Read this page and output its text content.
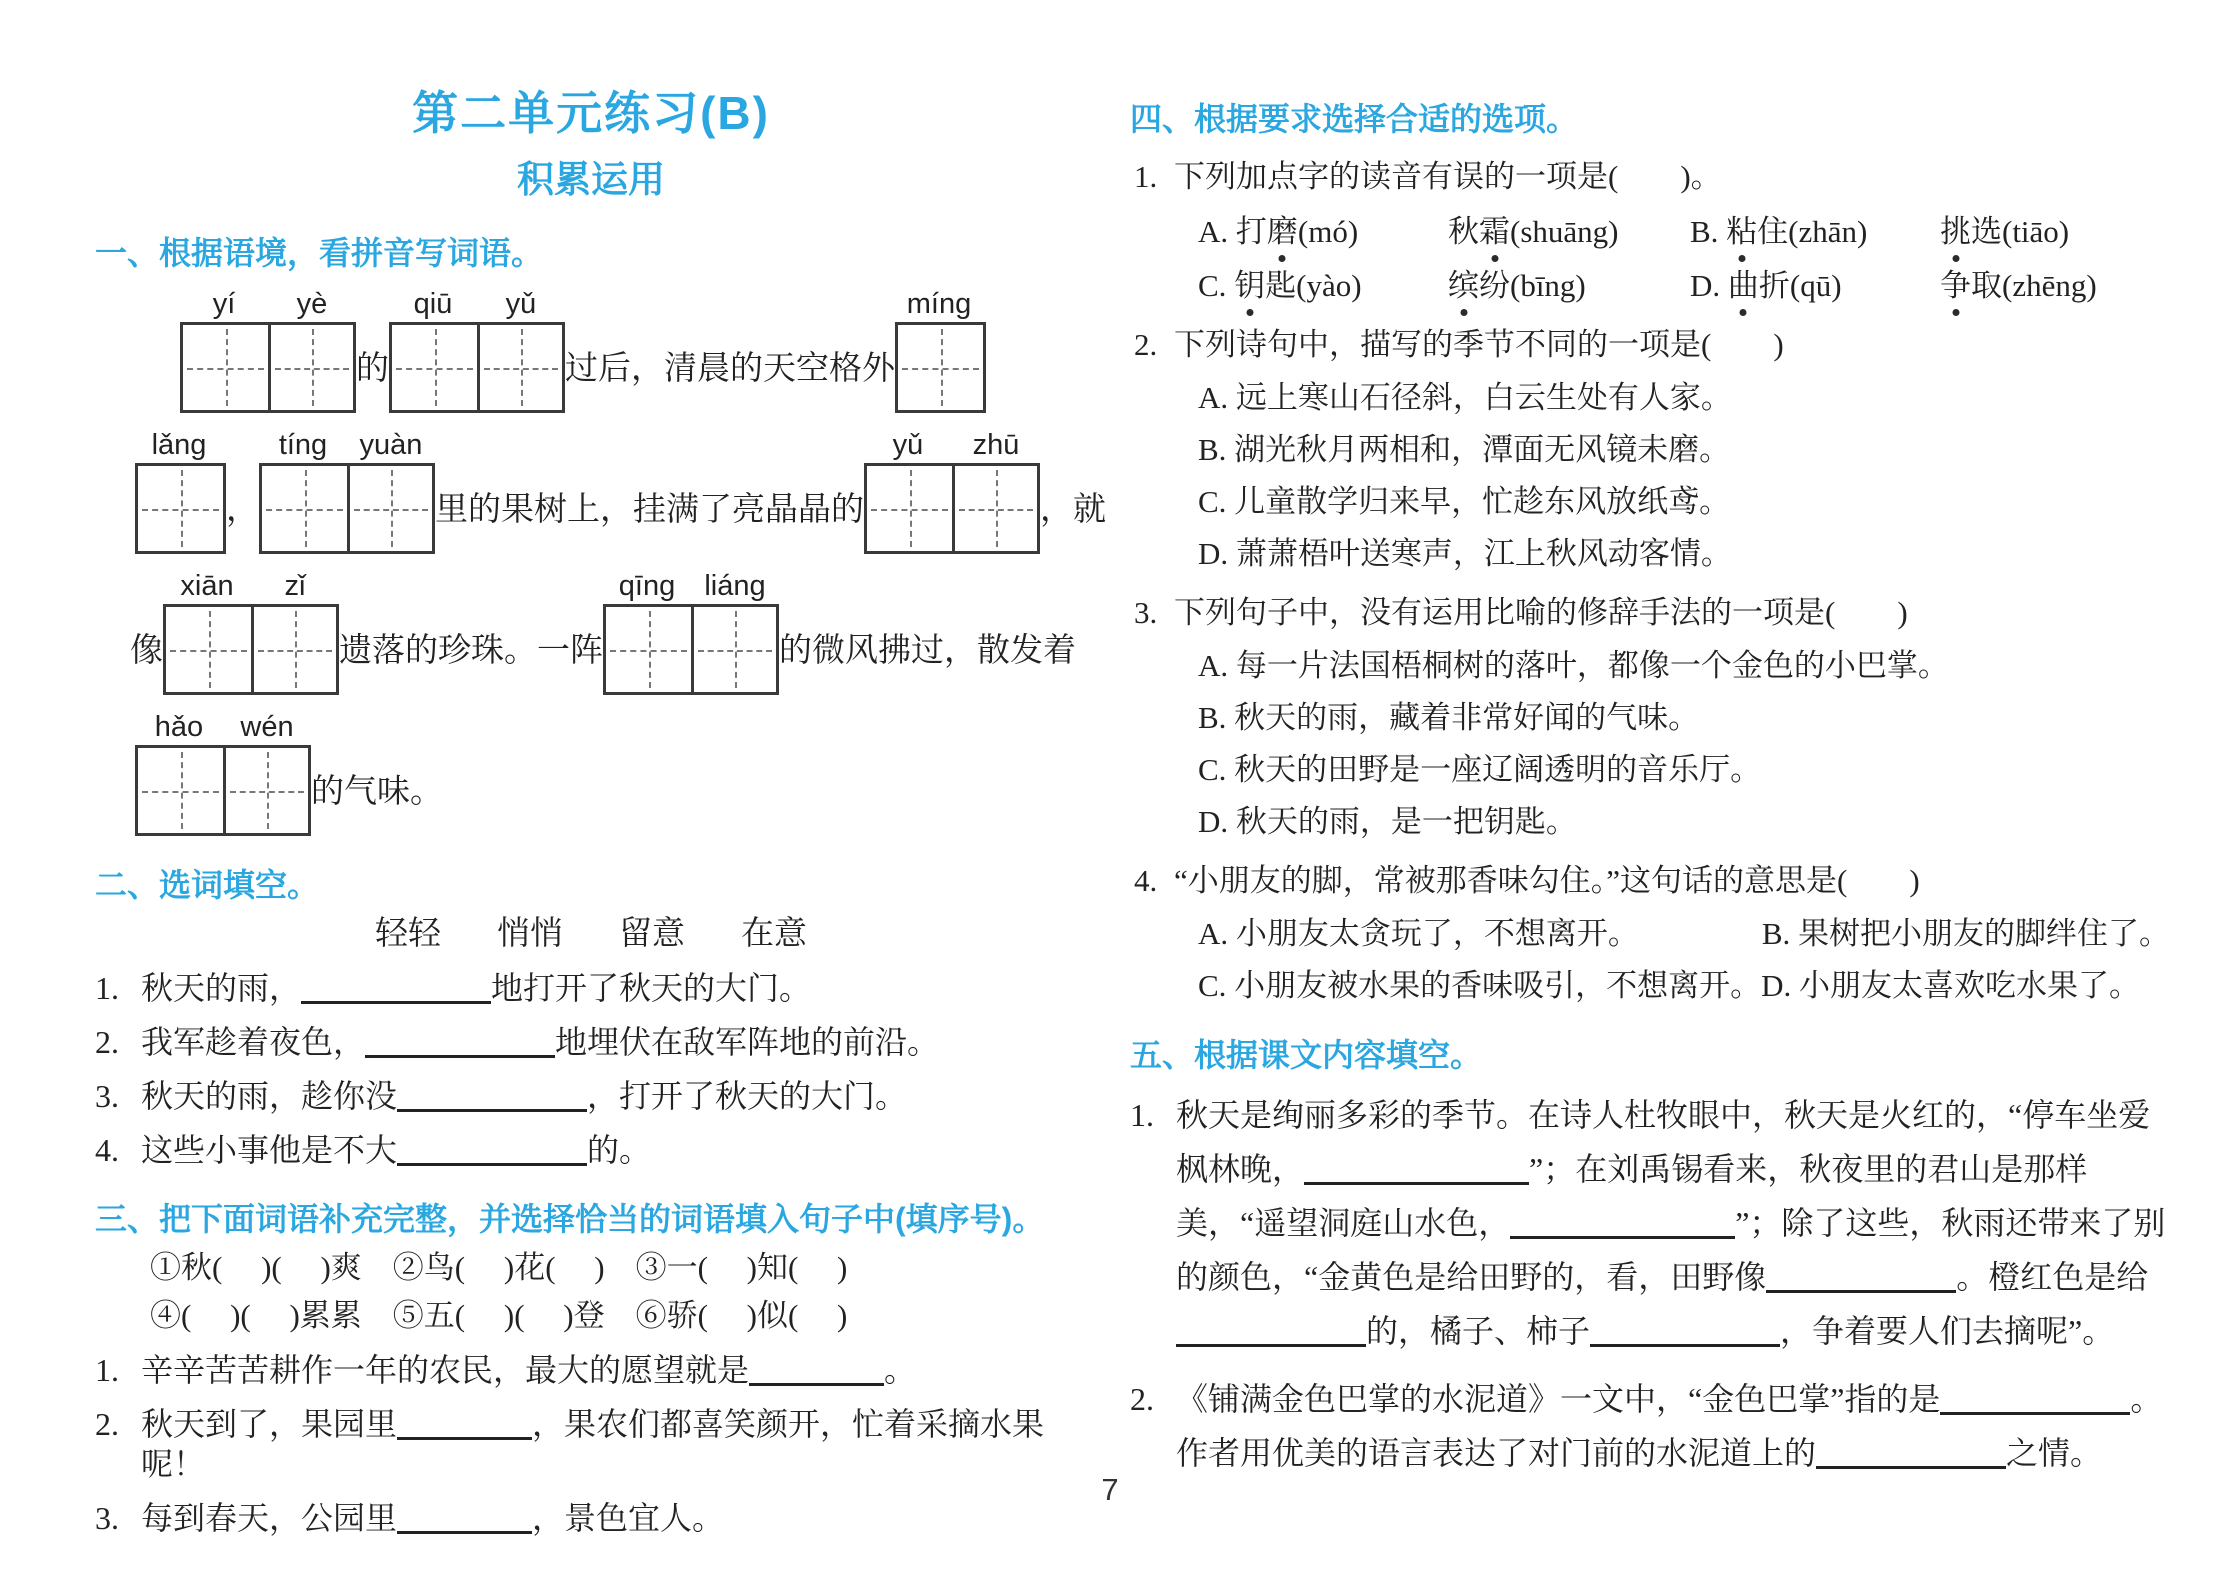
第二单元练习(B)
积累运用
一、根据语境，看拼音写词语。
yí	yè
的
qiū	yǔ
过后，清晨的天空格外
míng
lǎng
，
tíng	yuàn
里的果树上，挂满了亮晶晶的
yǔ	zhū
，就
像
xiān	zǐ
遗落的珍珠。一阵
qīng	liáng
的微风拂过，散发着
hǎo	wén
的气味。
二、选词填空。
轻轻 悄悄 留意 在意
1. 秋天的雨，	地打开了秋天的大门。
2. 我军趁着夜色，	地埋伏在敌军阵地的前沿。
3. 秋天的雨，趁你没	，打开了秋天的大门。
4. 这些小事他是不大	的。
三、把下面词语补充完整，并选择恰当的词语填入句子中(填序号)。
①秋(　 )(　 )爽　②鸟(　 )花(　 )　③一(　 )知(　 )
④(　 )(　 )累累　⑤五(　 )(　 )登　⑥骄(　 )似(　 )
1. 辛辛苦苦耕作一年的农民，最大的愿望就是	。
2. 秋天到了，果园里	，果农们都喜笑颜开，忙着采摘水果呢！
3. 每到春天，公园里	，景色宜人。
四、根据要求选择合适的选项。
1. 下列加点字的读音有误的一项是(　　)。
A. 打磨(mó)	秋霜(shuāng)	B. 粘住(zhān)	挑选(tiāo)
C. 钥匙(yào)	缤纷(bīng)	D. 曲折(qū)	争取(zhēng)
2. 下列诗句中，描写的季节不同的一项是(　　)
A. 远上寒山石径斜，白云生处有人家。
B. 湖光秋月两相和，潭面无风镜未磨。
C. 儿童散学归来早，忙趁东风放纸鸢。
D. 萧萧梧叶送寒声，江上秋风动客情。
3. 下列句子中，没有运用比喻的修辞手法的一项是(　　)
A. 每一片法国梧桐树的落叶，都像一个金色的小巴掌。
B. 秋天的雨，藏着非常好闻的气味。
C. 秋天的田野是一座辽阔透明的音乐厅。
D. 秋天的雨，是一把钥匙。
4. “小朋友的脚，常被那香味勾住。”这句话的意思是(　　)
A. 小朋友太贪玩了，不想离开。	B. 果树把小朋友的脚绊住了。
C. 小朋友被水果的香味吸引，不想离开。D. 小朋友太喜欢吃水果了。
五、根据课文内容填空。
1. 秋天是绚丽多彩的季节。在诗人杜牧眼中，秋天是火红的，“停车坐爱枫林晚，	”；在刘禹锡看来，秋夜里的君山是那样美，“遥望洞庭山水色，	”；除了这些，秋雨还带来了别的颜色，“金黄色是给田野的，看，田野像	。橙红色是给的，橘子、柿子	，争着要人们去摘呢”。
2. 《铺满金色巴掌的水泥道》一文中，“金色巴掌”指的是	。作者用优美的语言表达了对门前的水泥道上的	之情。
7
